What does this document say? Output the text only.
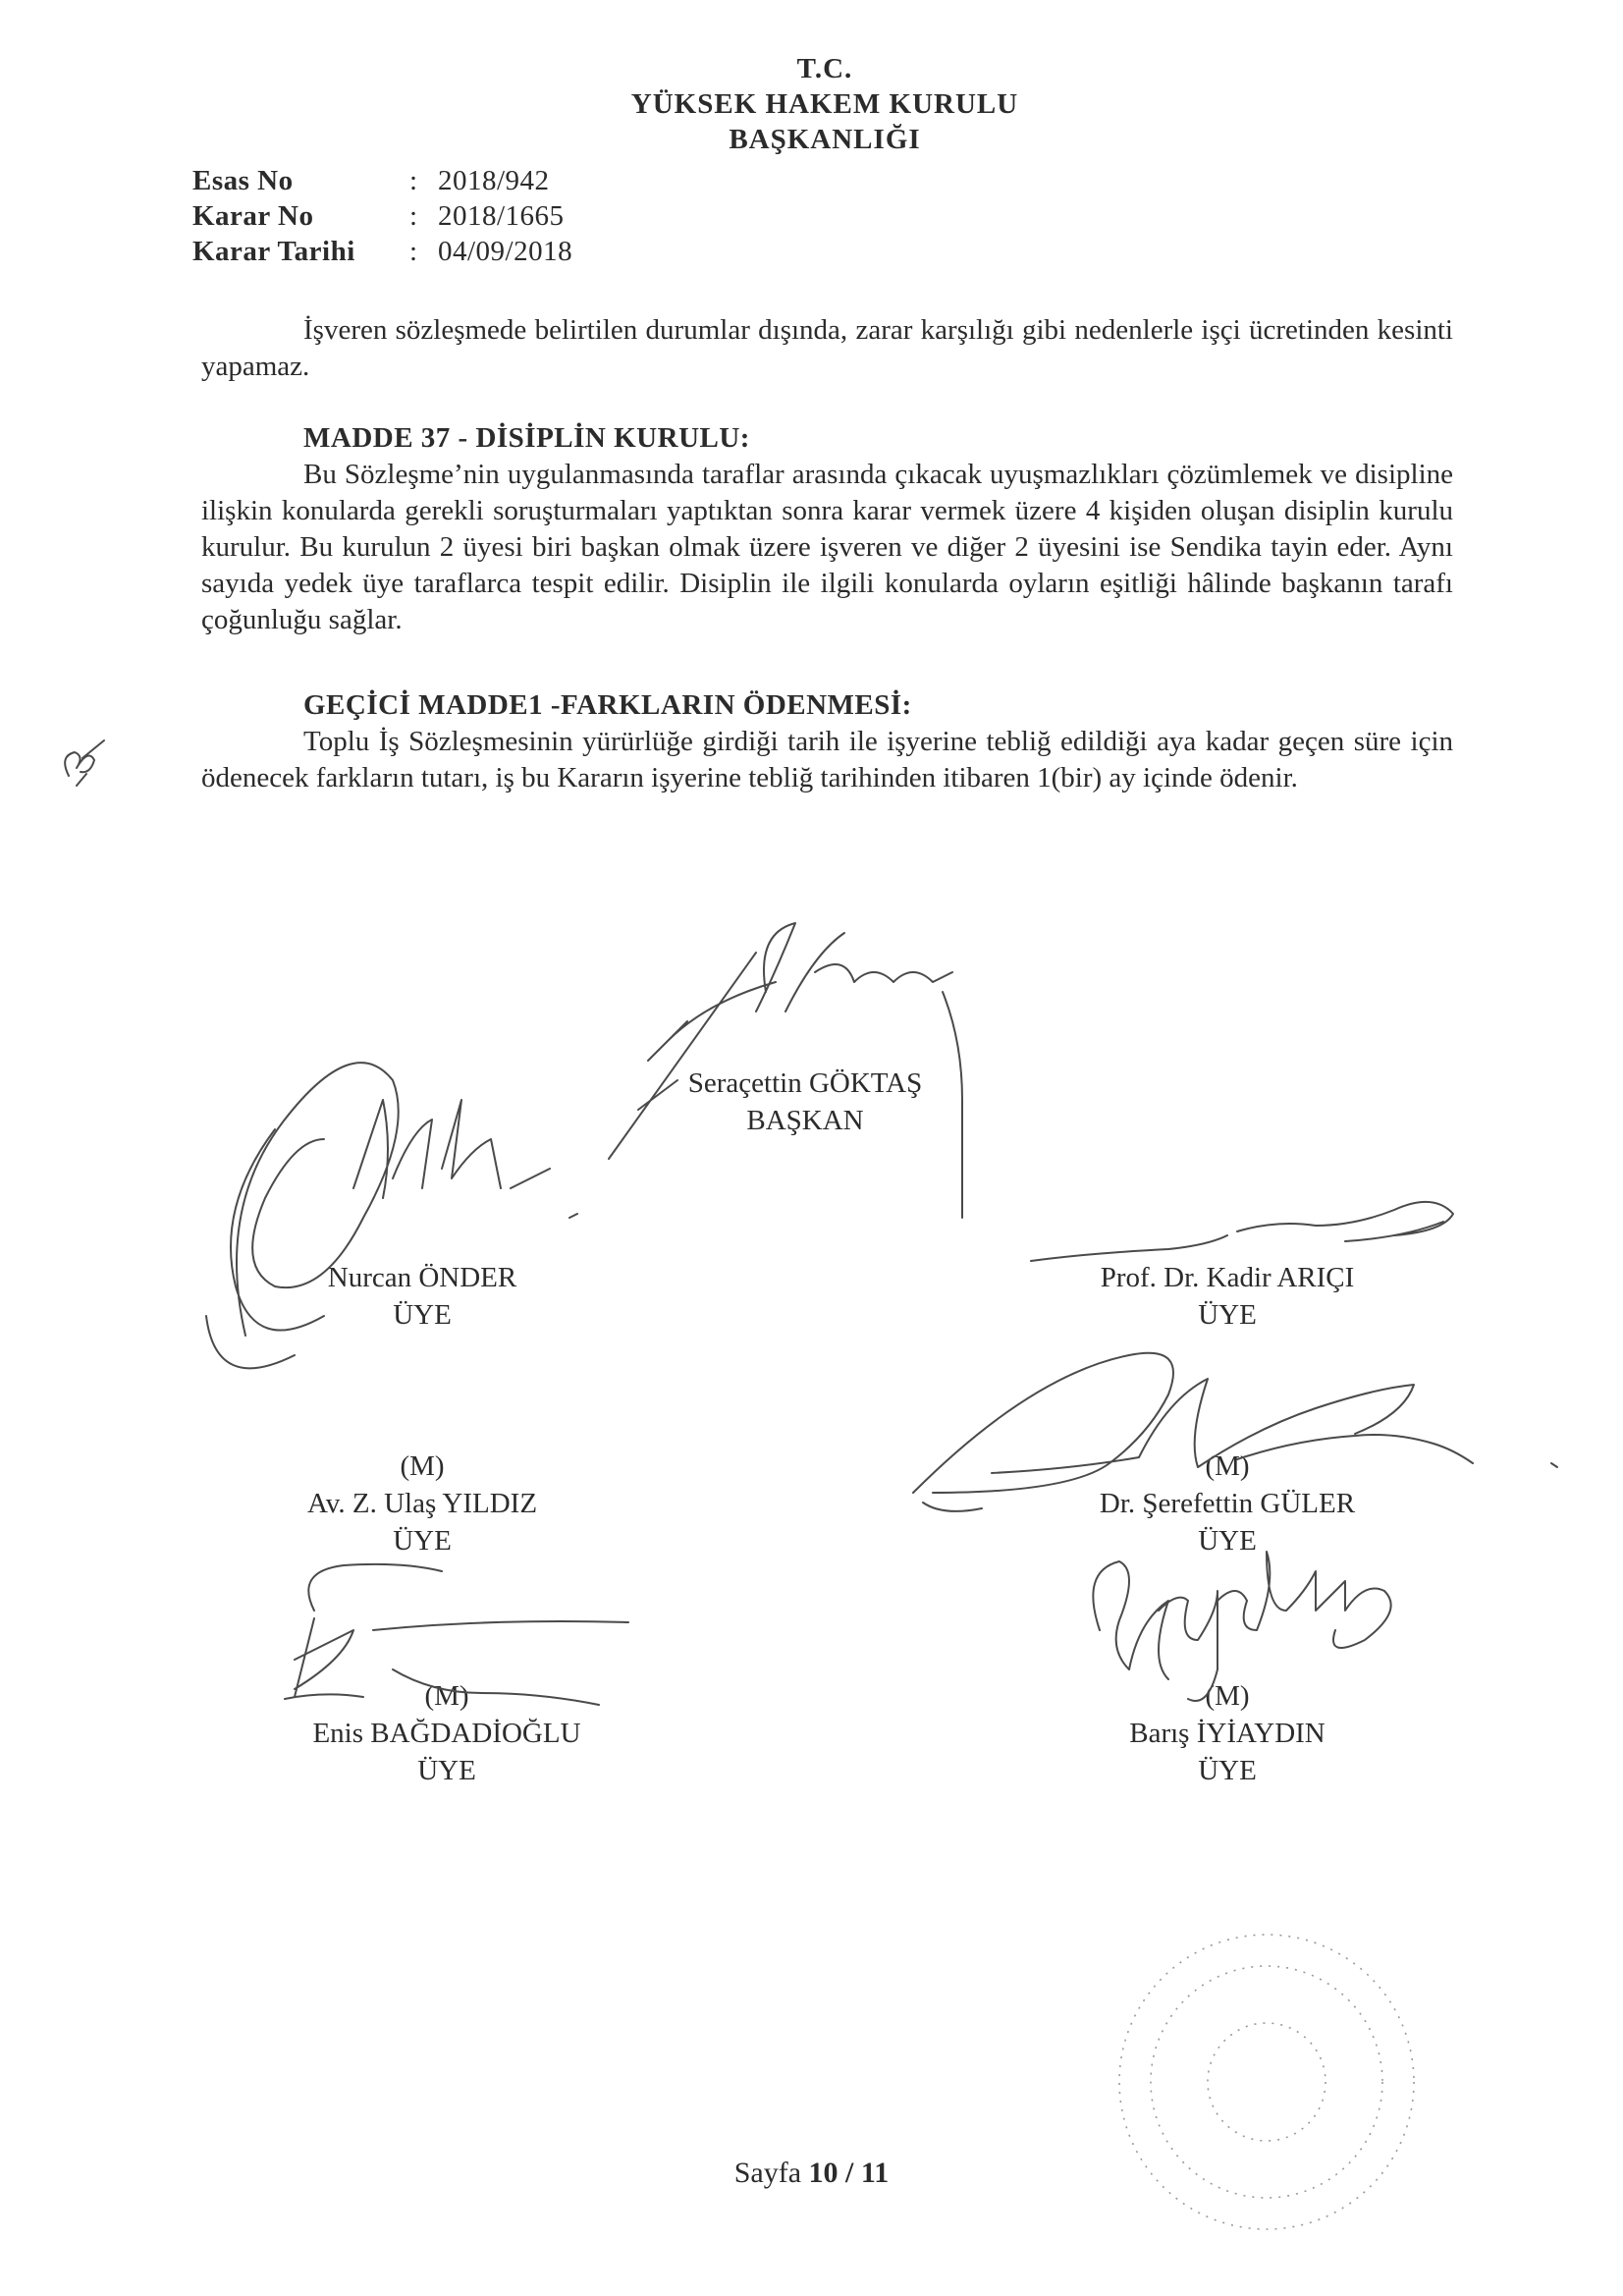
T.C.
YÜKSEK HAKEM KURULU
BAŞKANLIĞI
Esas No	: 2018/942
Karar No	: 2018/1665
Karar Tarihi	: 04/09/2018

İşveren sözleşmede belirtilen durumlar dışında, zarar karşılığı gibi nedenlerle işçi ücretinden kesinti yapamaz.

MADDE 37 - DİSİPLİN KURULU:

Bu Sözleşme’nin uygulanmasında taraflar arasında çıkacak uyuşmazlıkları çözümlemek ve disipline ilişkin konularda gerekli soruşturmaları yaptıktan sonra karar vermek üzere 4 kişiden oluşan disiplin kurulu kurulur. Bu kurulun 2 üyesi biri başkan olmak üzere işveren ve diğer 2 üyesini ise Sendika tayin eder. Aynı sayıda yedek üye taraflarca tespit edilir. Disiplin ile ilgili konularda oyların eşitliği hâlinde başkanın tarafı çoğunluğu sağlar.

GEÇİCİ MADDE1 -FARKLARIN ÖDENMESİ:

Toplu İş Sözleşmesinin yürürlüğe girdiği tarih ile işyerine tebliğ edildiği aya kadar geçen süre için ödenecek farkların tutarı, iş bu Kararın işyerine tebliğ tarihinden itibaren 1(bir) ay içinde ödenir.

Seraçettin GÖKTAŞ
BAŞKAN
Nurcan ÖNDER
ÜYE
Prof. Dr. Kadir ARIÇI
ÜYE
(M)
Av. Z. Ulaş YILDIZ
ÜYE
(M)
Dr. Şerefettin GÜLER
ÜYE
(M)
Enis BAĞDADİOĞLU
ÜYE
(M)
Barış İYİAYDIN
ÜYE
Sayfa 10 / 11
